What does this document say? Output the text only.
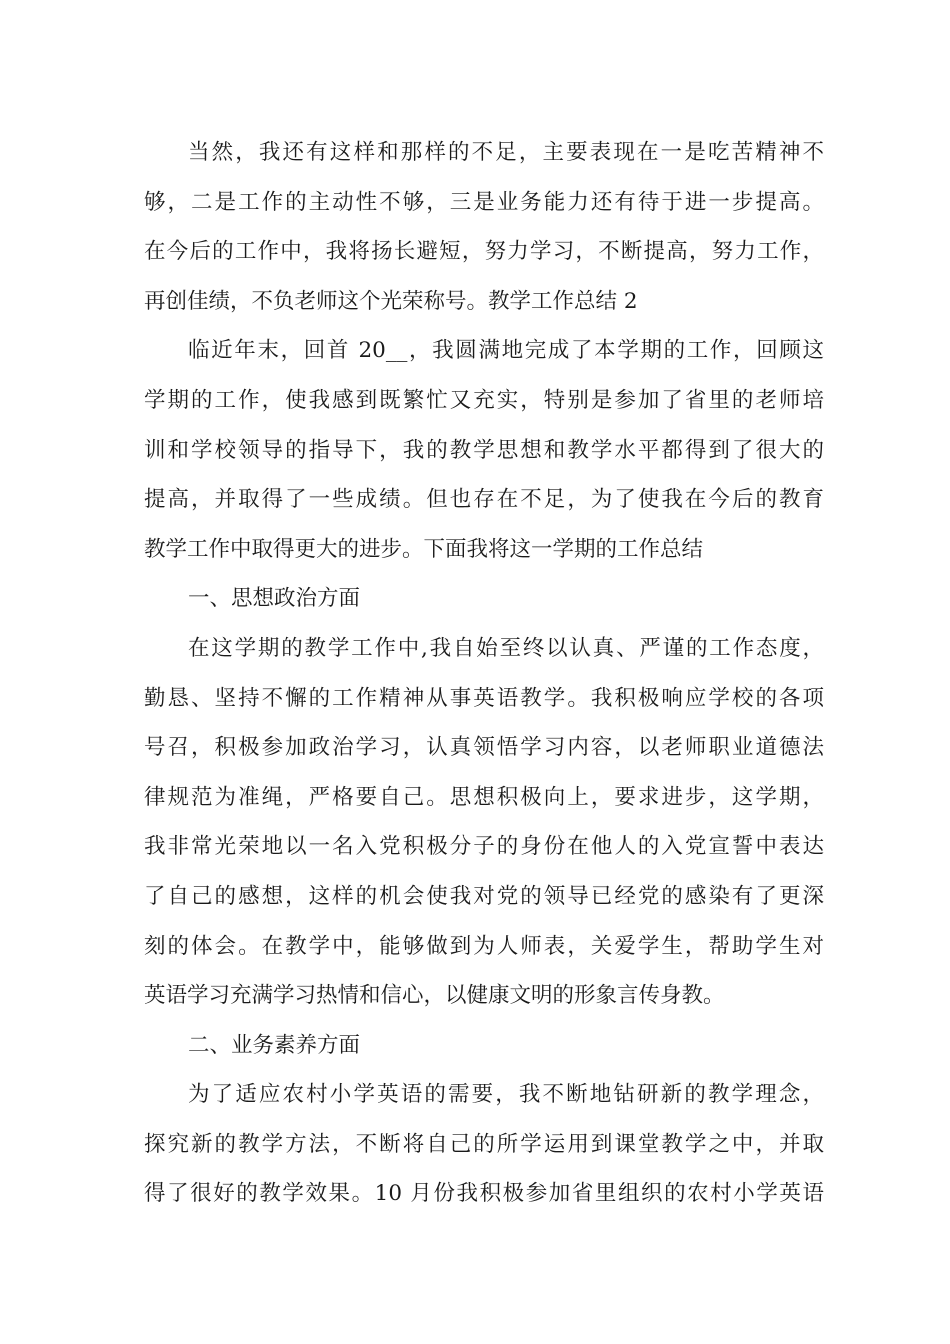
当然，我还有这样和那样的不足，主要表现在一是吃苦精神不
够，二是工作的主动性不够，三是业务能力还有待于进一步提高。
在今后的工作中，我将扬长避短，努力学习，不断提高，努力工作，
再创佳绩，不负老师这个光荣称号。教学工作总结 2
临近年末，回首 20__，我圆满地完成了本学期的工作，回顾这
学期的工作，使我感到既繁忙又充实，特别是参加了省里的老师培
训和学校领导的指导下，我的教学思想和教学水平都得到了很大的
提高，并取得了一些成绩。但也存在不足，为了使我在今后的教育
教学工作中取得更大的进步。下面我将这一学期的工作总结
一、思想政治方面
在这学期的教学工作中,我自始至终以认真、严谨的工作态度，
勤恳、坚持不懈的工作精神从事英语教学。我积极响应学校的各项
号召，积极参加政治学习，认真领悟学习内容，以老师职业道德法
律规范为准绳，严格要自己。思想积极向上，要求进步，这学期，
我非常光荣地以一名入党积极分子的身份在他人的入党宣誓中表达
了自己的感想，这样的机会使我对党的领导已经党的感染有了更深
刻的体会。在教学中，能够做到为人师表，关爱学生，帮助学生对
英语学习充满学习热情和信心，以健康文明的形象言传身教。
二、业务素养方面
为了适应农村小学英语的需要，我不断地钻研新的教学理念，
探究新的教学方法，不断将自己的所学运用到课堂教学之中，并取
得了很好的教学效果。10 月份我积极参加省里组织的农村小学英语
